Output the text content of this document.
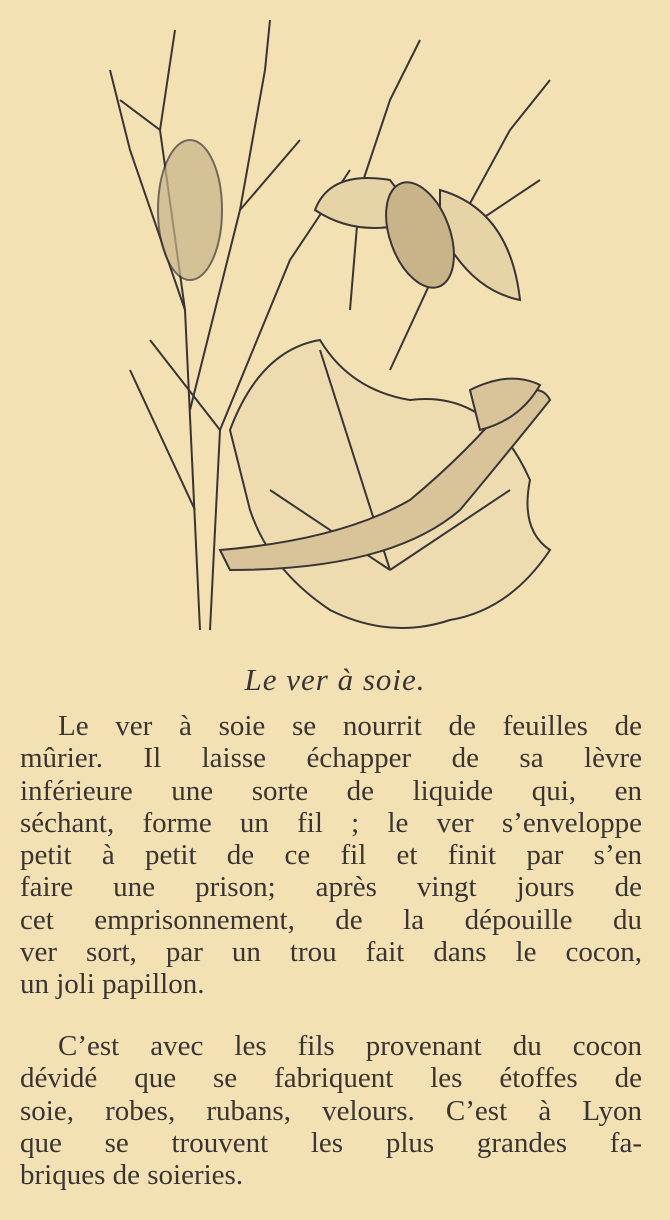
Le ver à soie.
Le ver à soie se nourrit de feuilles de
mûrier. Il laisse échapper de sa lèvre
inférieure une sorte de liquide qui, en
séchant, forme un fil ; le ver s’enveloppe
petit à petit de ce fil et finit par s’en
faire une prison; après vingt jours de
cet emprisonnement, de la dépouille du
ver sort, par un trou fait dans le cocon,
un joli papillon.
C’est avec les fils provenant du cocon
dévidé que se fabriquent les étoffes de
soie, robes, rubans, velours. C’est à Lyon
que se trouvent les plus grandes fa-
briques de soieries.
